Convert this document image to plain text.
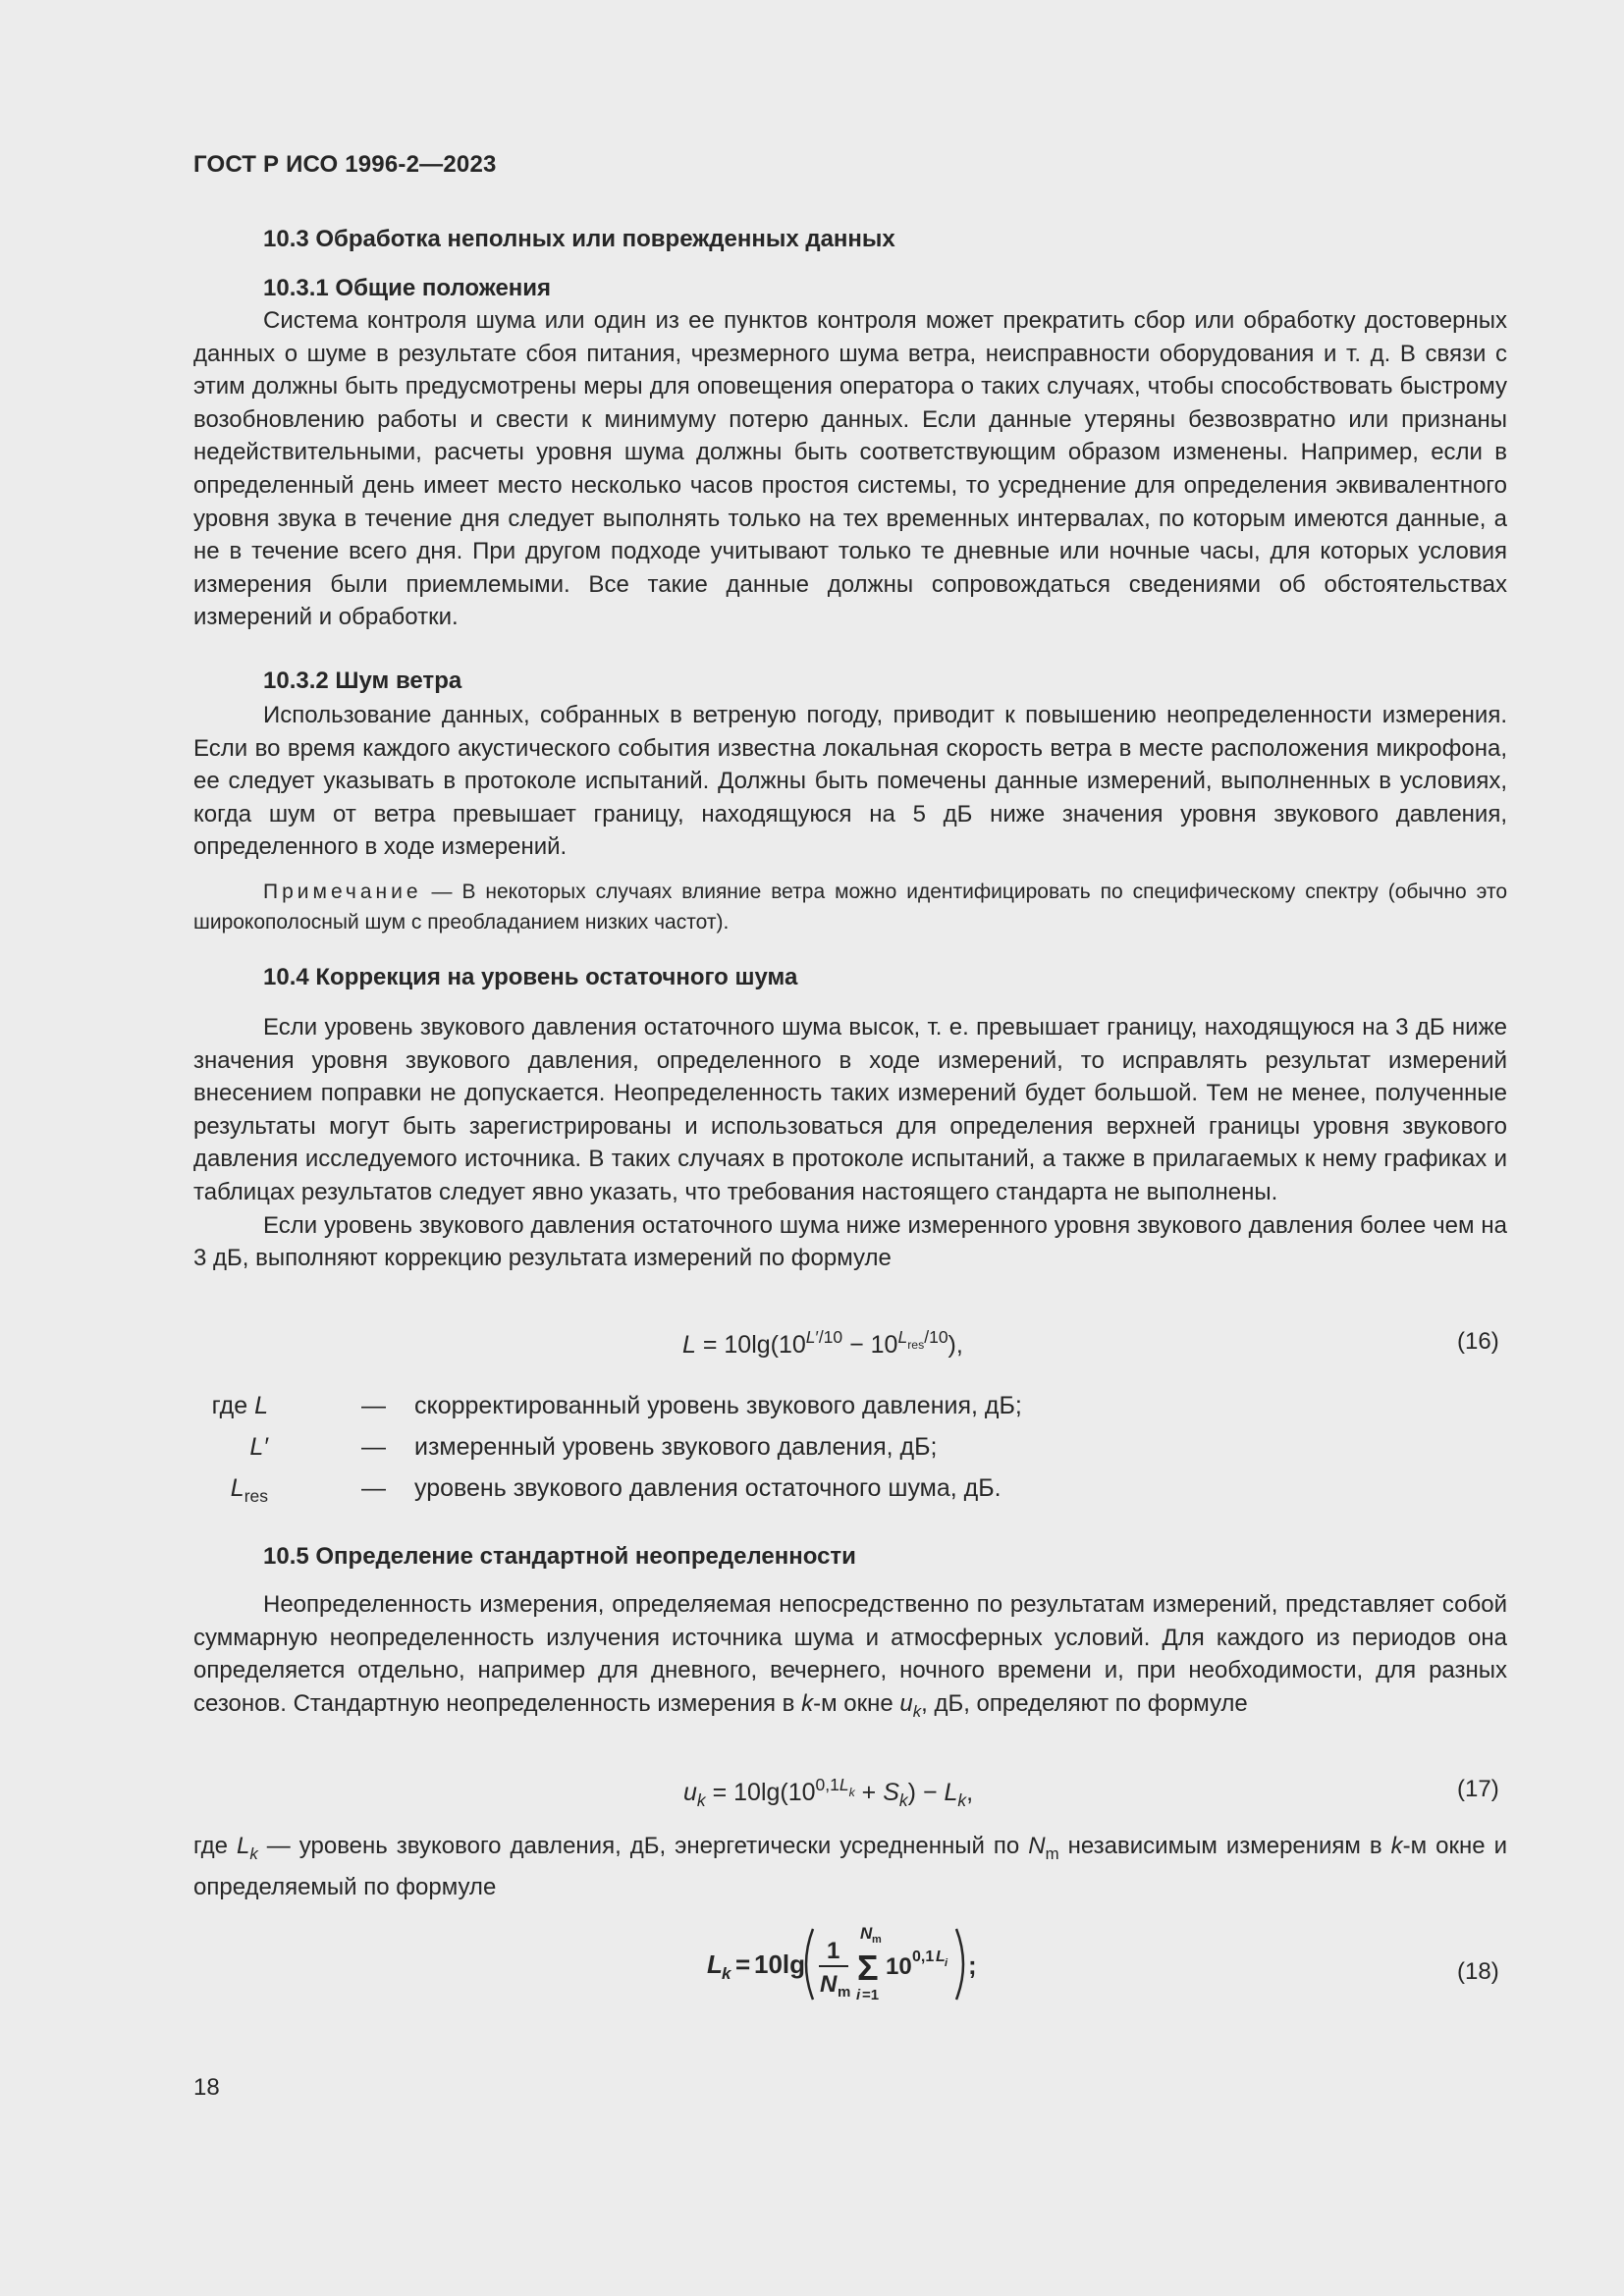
ГОСТ Р ИСО 1996-2—2023
10.3 Обработка неполных или поврежденных данных
10.3.1 Общие положения

Система контроля шума или один из ее пунктов контроля может прекратить сбор или обработку достоверных данных о шуме в результате сбоя питания, чрезмерного шума ветра, неисправности оборудования и т. д. В связи с этим должны быть предусмотрены меры для оповещения оператора о таких случаях, чтобы способствовать быстрому возобновлению работы и свести к минимуму потерю данных. Если данные утеряны безвозвратно или признаны недействительными, расчеты уровня шума должны быть соответствующим образом изменены. Например, если в определенный день имеет место несколько часов простоя системы, то усреднение для определения эквивалентного уровня звука в течение дня следует выполнять только на тех временных интервалах, по которым имеются данные, а не в течение всего дня. При другом подходе учитывают только те дневные или ночные часы, для которых условия измерения были приемлемыми. Все такие данные должны сопровождаться сведениями об обстоятельствах измерений и обработки.

10.3.2 Шум ветра

Использование данных, собранных в ветреную погоду, приводит к повышению неопределенности измерения. Если во время каждого акустического события известна локальная скорость ветра в месте расположения микрофона, ее следует указывать в протоколе испытаний. Должны быть помечены данные измерений, выполненных в условиях, когда шум от ветра превышает границу, находящуюся на 5 дБ ниже значения уровня звукового давления, определенного в ходе измерений.

Примечание — В некоторых случаях влияние ветра можно идентифицировать по специфическому спектру (обычно это широкополосный шум с преобладанием низких частот).
10.4 Коррекция на уровень остаточного шума

Если уровень звукового давления остаточного шума высок, т. е. превышает границу, находящуюся на 3 дБ ниже значения уровня звукового давления, определенного в ходе измерений, то исправлять результат измерений внесением поправки не допускается. Неопределенность таких измерений будет большой. Тем не менее, полученные результаты могут быть зарегистрированы и использоваться для определения верхней границы уровня звукового давления исследуемого источника. В таких случаях в протоколе испытаний, а также в прилагаемых к нему графиках и таблицах результатов следует явно указать, что требования настоящего стандарта не выполнены.

Если уровень звукового давления остаточного шума ниже измеренного уровня звукового давления более чем на 3 дБ, выполняют коррекцию результата измерений по формуле

$L = 10\lg(10^{L'/10} - 10^{L_{res}/10})$,	(16)
где L	— скорректированный уровень звукового давления, дБ;
L′	— измеренный уровень звукового давления, дБ;
$L_{res}$	— уровень звукового давления остаточного шума, дБ.
10.5 Определение стандартной неопределенности

Неопределенность измерения, определяемая непосредственно по результатам измерений, представляет собой суммарную неопределенность излучения источника шума и атмосферных условий. Для каждого из периодов она определяется отдельно, например для дневного, вечернего, ночного времени и, при необходимости, для разных сезонов. Стандартную неопределенность измерения в k-м окне $u_k$, дБ, определяют по формуле

$u_k = 10\lg(10^{0,1L_k} + S_k) - L_k$,	(17)

где $L_k$ — уровень звукового давления, дБ, энергетически усредненный по $N_m$ независимым измерениям в k-м окне и определяемый по формуле

L k = 10lg 1
N m
N m
Σ
i =1
10 0,1 L i ;	(18)
18
